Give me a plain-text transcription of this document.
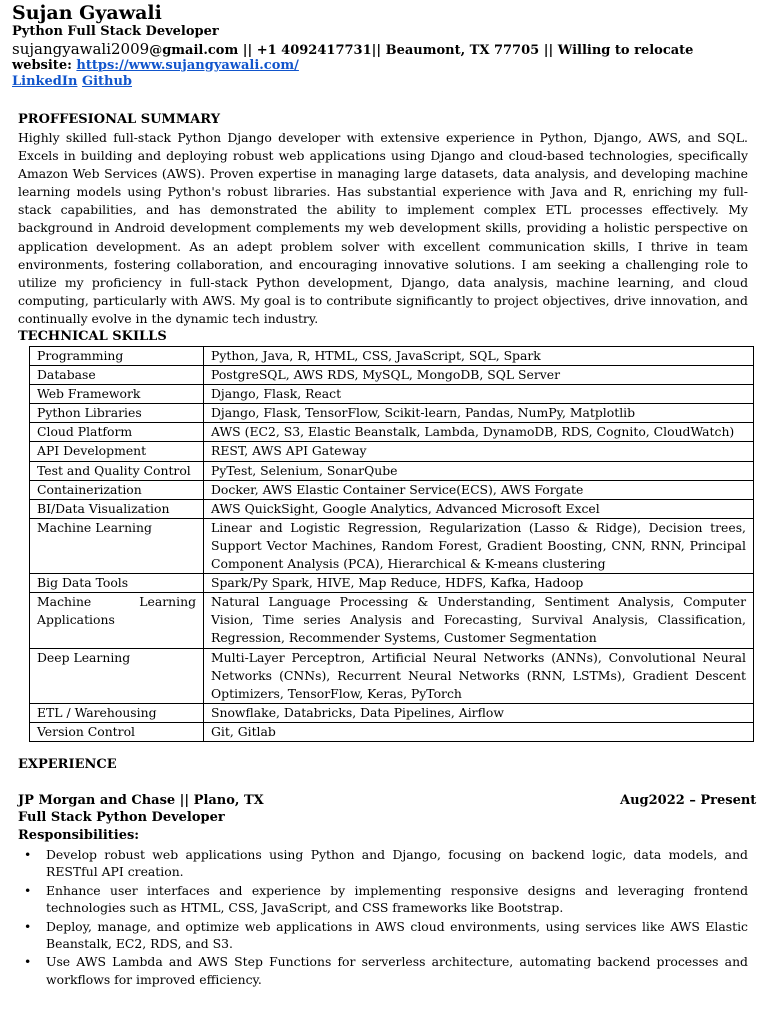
Sujan Gyawali
Python Full Stack Developer
sujangyawali2009@gmail.com || +1 4092417731|| Beaumont, TX 77705 || Willing to relocate
website: https://www.sujangyawali.com/
LinkedIn Github
PROFFESIONAL SUMMARY
Highly skilled full-stack Python Django developer with extensive experience in Python, Django, AWS, and SQL. Excels in building and deploying robust web applications using Django and cloud-based technologies, specifically Amazon Web Services (AWS). Proven expertise in managing large datasets, data analysis, and developing machine learning models using Python's robust libraries. Has substantial experience with Java and R, enriching my full-stack capabilities, and has demonstrated the ability to implement complex ETL processes effectively. My background in Android development complements my web development skills, providing a holistic perspective on application development. As an adept problem solver with excellent communication skills, I thrive in team environments, fostering collaboration, and encouraging innovative solutions. I am seeking a challenging role to utilize my proficiency in full-stack Python development, Django, data analysis, machine learning, and cloud computing, particularly with AWS. My goal is to contribute significantly to project objectives, drive innovation, and continually evolve in the dynamic tech industry.
TECHNICAL SKILLS
Programming	Python, Java, R, HTML, CSS, JavaScript, SQL, Spark
Database	PostgreSQL, AWS RDS, MySQL, MongoDB, SQL Server
Web Framework	Django, Flask, React
Python Libraries	Django, Flask, TensorFlow, Scikit-learn, Pandas, NumPy, Matplotlib
Cloud Platform	AWS (EC2, S3, Elastic Beanstalk, Lambda, DynamoDB, RDS, Cognito, CloudWatch)
API Development	REST, AWS API Gateway
Test and Quality Control	PyTest, Selenium, SonarQube
Containerization	Docker, AWS Elastic Container Service(ECS), AWS Forgate
BI/Data Visualization	AWS QuickSight, Google Analytics, Advanced Microsoft Excel
Machine Learning	Linear and Logistic Regression, Regularization (Lasso & Ridge), Decision trees, Support Vector Machines, Random Forest, Gradient Boosting, CNN, RNN, Principal Component Analysis (PCA), Hierarchical & K-means clustering
Big Data Tools	Spark/Py Spark, HIVE, Map Reduce, HDFS, Kafka, Hadoop
Machine Learning Applications	Natural Language Processing & Understanding, Sentiment Analysis, Computer Vision, Time series Analysis and Forecasting, Survival Analysis, Classification, Regression, Recommender Systems, Customer Segmentation
Deep Learning	Multi-Layer Perceptron, Artificial Neural Networks (ANNs), Convolutional Neural Networks (CNNs), Recurrent Neural Networks (RNN, LSTMs), Gradient Descent Optimizers, TensorFlow, Keras, PyTorch
ETL / Warehousing	Snowflake, Databricks, Data Pipelines, Airflow
Version Control	Git, Gitlab
EXPERIENCE
JP Morgan and Chase || Plano, TX	Aug2022 – Present
Full Stack Python Developer
Responsibilities:
• Develop robust web applications using Python and Django, focusing on backend logic, data models, and RESTful API creation.
• Enhance user interfaces and experience by implementing responsive designs and leveraging frontend technologies such as HTML, CSS, JavaScript, and CSS frameworks like Bootstrap.
• Deploy, manage, and optimize web applications in AWS cloud environments, using services like AWS Elastic Beanstalk, EC2, RDS, and S3.
• Use AWS Lambda and AWS Step Functions for serverless architecture, automating backend processes and workflows for improved efficiency.
